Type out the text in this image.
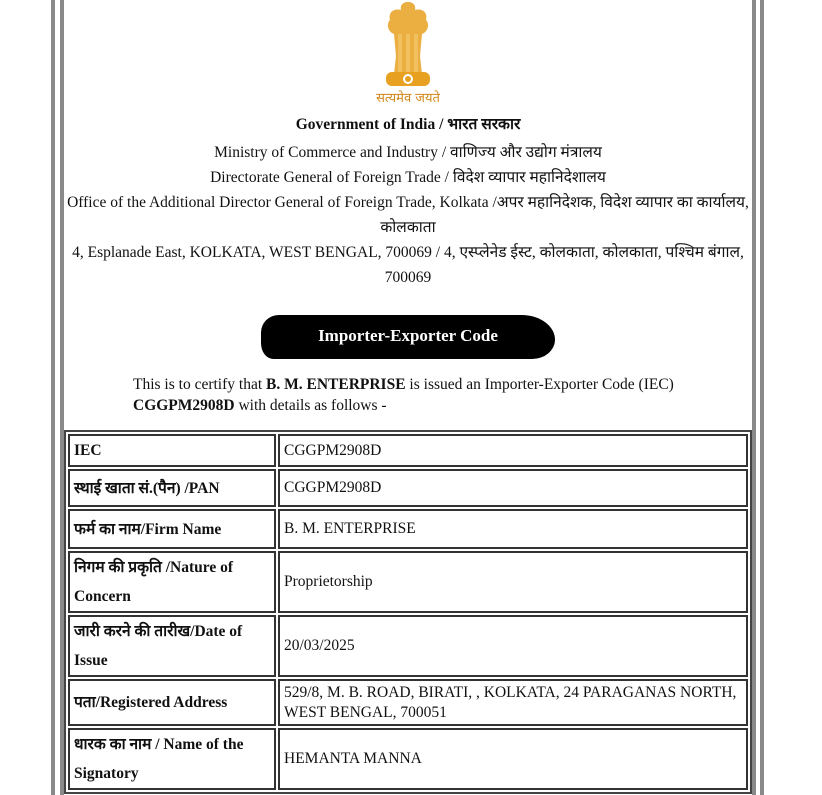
सत्यमेव जयते
Government of India / भारत सरकार
Ministry of Commerce and Industry / वाणिज्य और उद्योग मंत्रालय
Directorate General of Foreign Trade / विदेश व्यापार महानिदेशालय
Office of the Additional Director General of Foreign Trade, Kolkata /अपर महानिदेशक, विदेश व्यापार का कार्यालय,
कोलकाता
4, Esplanade East, KOLKATA, WEST BENGAL, 700069 / 4, एस्प्लेनेड ईस्ट, कोलकाता, कोलकाता, पश्चिम बंगाल,
700069
Importer-Exporter Code
This is to certify that B. M. ENTERPRISE is issued an Importer-Exporter Code (IEC)
CGGPM2908D with details as follows -
IEC	CGGPM2908D
स्थाई खाता सं.(पैन) /PAN	CGGPM2908D
फर्म का नाम/Firm Name	B. M. ENTERPRISE
निगम की प्रकृति /Nature of Concern	Proprietorship
जारी करने की तारीख/Date of Issue	20/03/2025
पता/Registered Address	529/8, M. B. ROAD, BIRATI, , KOLKATA, 24 PARAGANAS NORTH, WEST BENGAL, 700051
धारक का नाम / Name of the Signatory	HEMANTA MANNA
